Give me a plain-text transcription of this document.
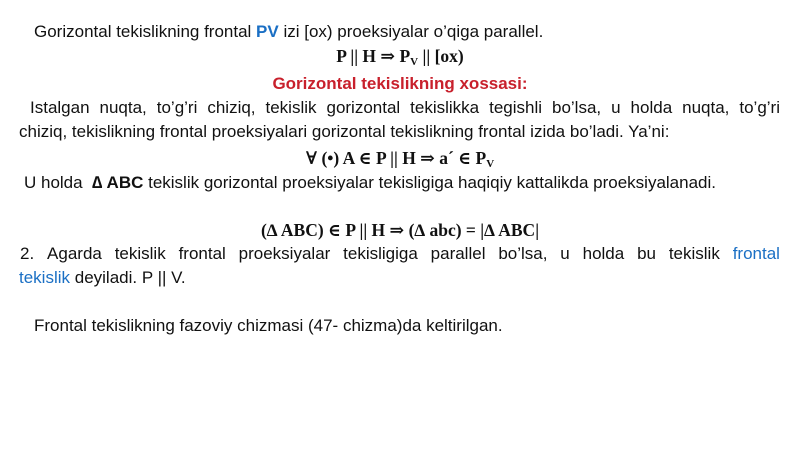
Gorizontal tekislikning frontal PV izi [ox) proeksiyalar o’qiga parallel.
P || H ⇒ $P_V$ || [ox)
Gorizontal tekislikning xossasi:
Istalgan nuqta, to’g’ri chiziq, tekislik gorizontal tekislikka tegishli bo’lsa, u holda nuqta, to’g’ri
chiziq, tekislikning frontal proeksiyalari gorizontal tekislikning frontal izida bo’ladi. Ya’ni:
∀ (•) A ∈ P || H ⇒ a´ ∈ $P_V$
U holda  ∆ ABC tekislik gorizontal proeksiyalar tekisligiga haqiqiy kattalikda proeksiyalanadi.
(∆ ABC) ∈ P || H ⇒ (∆ abc) = |∆ ABC|
2. Agarda tekislik frontal proeksiyalar tekisligiga parallel bo’lsa, u holda bu tekislik frontal
tekislik deyiladi. P || V.
Frontal tekislikning fazoviy chizmasi (47- chizma)da keltirilgan.
